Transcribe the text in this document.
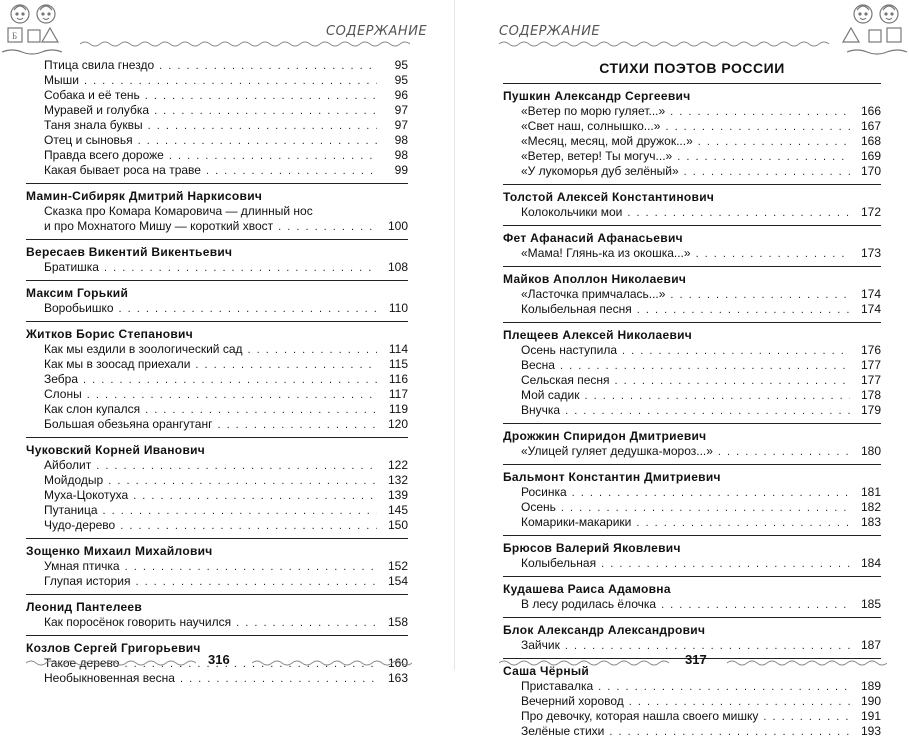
Б	СОДЕРЖАНИЕ
Птица свила гнездо . . .	95
Мыши . . .	95
Собака и её тень . . .	96
Муравей и голубка . . .	97
Таня знала буквы . . .	97
Отец и сыновья . . .	98
Правда всего дороже . . .	98
Какая бывает роса на траве . . .	99
Мамин-Сибиряк Дмитрий Наркисович
Сказка про Комара Комаровича — длинный нос
и про Мохнатого Мишу — короткий хвост . . .	100
Вересаев Викентий Викентьевич
Братишка . . .	108
Максим Горький
Воробьишко . . .	110
Житков Борис Степанович
Как мы ездили в зоологический сад . . .	114
Как мы в зоосад приехали . . .	115
Зебра . . .	116
Слоны . . .	117
Как слон купался . . .	119
Большая обезьяна орангутанг . . .	120
Чуковский Корней Иванович
Айболит . . .	122
Мойдодыр . . .	132
Муха-Цокотуха . . .	139
Путаница . . .	145
Чудо-дерево . . .	150
Зощенко Михаил Михайлович
Умная птичка . . .	152
Глупая история . . .	154
Леонид Пантелеев
Как поросёнок говорить научился . . .	158
Козлов Сергей Григорьевич
Такое дерево . . .	160
Необыкновенная весна . . .	163
316
СОДЕРЖАНИЕ
СТИХИ ПОЭТОВ РОССИИ
Пушкин Александр Сергеевич
«Ветер по морю гуляет...» . . .	166
«Свет наш, солнышко...» . . .	167
«Месяц, месяц, мой дружок...» . . .	168
«Ветер, ветер! Ты могуч...» . . .	169
«У лукоморья дуб зелёный» . . .	170
Толстой Алексей Константинович
Колокольчики мои . . .	172
Фет Афанасий Афанасьевич
«Мама! Глянь-ка из окошка...» . . .	173
Майков Аполлон Николаевич
«Ласточка примчалась...» . . .	174
Колыбельная песня . . .	174
Плещеев Алексей Николаевич
Осень наступила . . .	176
Весна . . .	177
Сельская песня . . .	177
Мой садик . . .	178
Внучка . . .	179
Дрожжин Спиридон Дмитриевич
«Улицей гуляет дедушка-мороз...» . . .	180
Бальмонт Константин Дмитриевич
Росинка . . .	181
Осень . . .	182
Комарики-макарики . . .	183
Брюсов Валерий Яковлевич
Колыбельная . . .	184
Кудашева Раиса Адамовна
В лесу родилась ёлочка . . .	185
Блок Александр Александрович
Зайчик . . .	187
Саша Чёрный
Приставалка . . .	189
Вечерний хоровод . . .	190
Про девочку, которая нашла своего мишку . . .	191
Зелёные стихи . . .	193
317
